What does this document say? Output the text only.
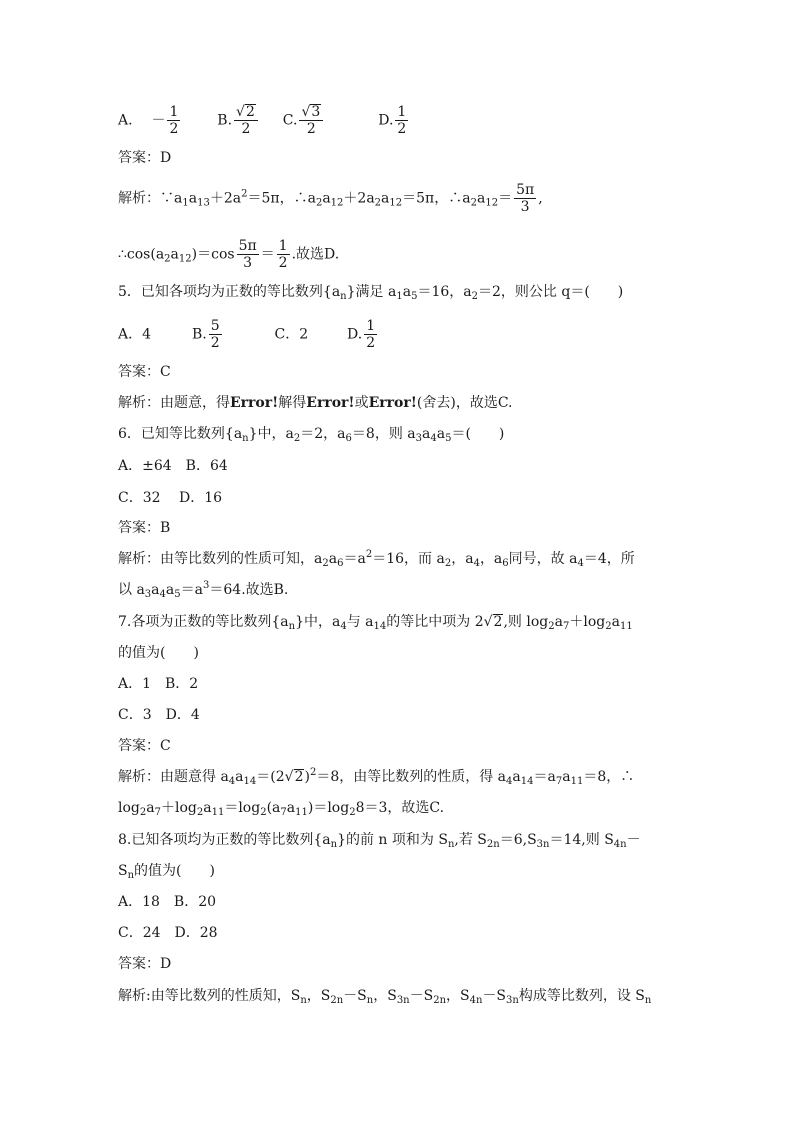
A. － $\frac{1}{2}$	B. $\frac{√2}{2} C$. $\frac{√3}{2}$	D. $\frac{1}{2}$
答案：D
解析：$\because a_1a_{13}+2a^2=5\pi$，$\therefore a_2a_{12}+2a_2a_{12}=5\pi$，$\therefore a_2a_{12}= \frac{5\pi}{3}$ ,
$\therefore\cos(a_2a_{12})=\cos \frac{5\pi}{3} = \frac{1}{2}$ .故选D.
5．已知各项均为正数的等比数列$\{a_n\}$满足 $a_1a_5=16$，$a_2=2$，则公比 q＝(　　)
A．4	B. $\frac{5}{2}$	C．2	D. $\frac{1}{2}$
答案：C
解析：由题意，得Error!解得Error!或Error!(舍去)，故选C.
6．已知等比数列$\{a_n\}$中，$a_2=2$，$a_6=8$，则 $a_3a_4a_5=$(　　)
A．±64　B．64
C．32　 D．16
答案：B
解析：由等比数列的性质可知，$a_2a_6=a^2=16$，而 $a_2$，$a_4$，$a_6$同号，故 $a_4=4$，所
以 $a_3a_4a_5=a^3=64$.故选B.
7.各项为正数的等比数列$\{a_n\}$中，$a_4$与 $a_{14}$的等比中项为 2√2,则 $\log_2a_7+\log_2a_{11}$
的值为(　　)
A．1　B．2
C．3　D．4
答案：C
解析：由题意得 $a_4a_{14}=(2√2)^2=8$，由等比数列的性质，得 $a_4a_{14}=a_7a_{11}=8$，∴
$\log_2a_7+\log_2a_{11}=\log_2(a_7a_{11})=\log_28=3$，故选C.
8.已知各项均为正数的等比数列$\{a_n\}$的前 n 项和为 $S_n$,若 $S_{2n}=6,S_{3n}=14$,则 $S_{4n}-$
$S_n$的值为(　　)
A．18　B．20
C．24　D．28
答案：D
解析:由等比数列的性质知，$S_n$，$S_{2n}-S_n$，$S_{3n}-S_{2n}$，$S_{4n}-S_{3n}$构成等比数列，设 $S_n$
